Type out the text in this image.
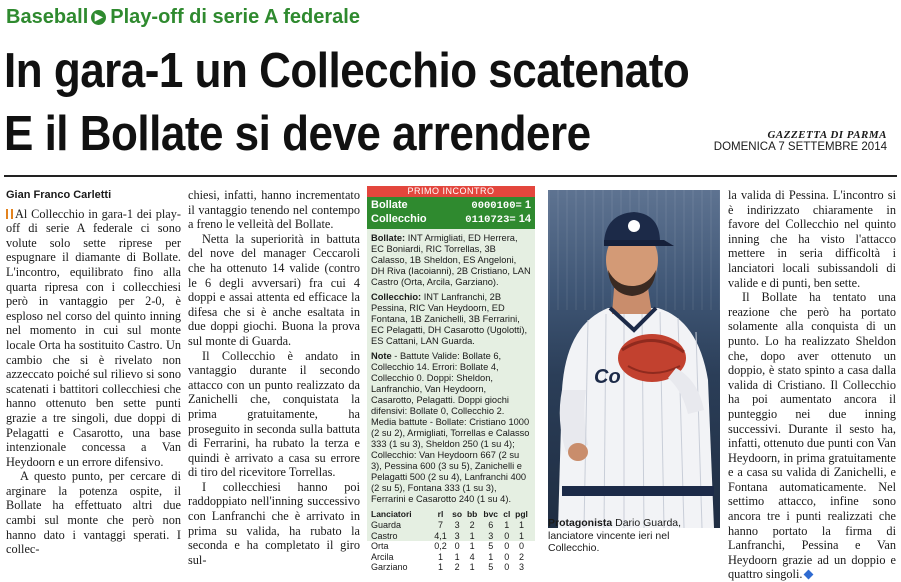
Baseball ▶ Play-off di serie A federale
In gara-1 un Collecchio scatenato
E il Bollate si deve arrendere	GAZZETTA DI PARMA
DOMENICA 7 SETTEMBRE 2014
Gian Franco Carletti

Al Collecchio in gara-1 dei play-off di serie A federale ci sono volute solo sette riprese per espugnare il diamante di Bollate. L'incontro, equilibrato fino alla quarta ripresa con i collecchiesi però in vantaggio per 2-0, è esploso nel corso del quinto inning nel momento in cui sul monte locale Orta ha sostituito Castro. Un cambio che si è rivelato non azzeccato poiché sul rilievo si sono scatenati i battitori collecchiesi che hanno ottenuto ben sette punti grazie a tre singoli, due doppi di Pelagatti e Casarotto, una base intenzionale concessa a Van Heydoorn e un errore difensivo.

A questo punto, per cercare di arginare la potenza ospite, il Bollate ha effettuato altri due cambi sul monte che però non hanno dato i vantaggi sperati. I collec-

chiesi, infatti, hanno incrementato il vantaggio tenendo nel contempo a freno le velleità del Bollate.

Netta la superiorità in battuta del nove del manager Ceccaroli che ha ottenuto 14 valide (contro le 6 degli avversari) fra cui 4 doppi e assai attenta ed efficace la difesa che si è anche esaltata in due doppi giochi. Buona la prova sul monte di Guarda.

Il Collecchio è andato in vantaggio durante il secondo attacco con un punto realizzato da Zanichelli che, conquistata la prima gratuitamente, ha proseguito in seconda sulla battuta di Ferrarini, ha rubato la terza e quindi è arrivato a casa su errore di tiro del ricevitore Torrellas.

I collecchiesi hanno poi raddoppiato nell'inning successivo con Lanfranchi che è arrivato in prima su valida, ha rubato la seconda e ha completato il giro sul-

PRIMO INCONTRO
Bollate	0000100= 1
Collecchio	0110723= 14

Bollate: INT Armigliati, ED Herrera, EC Boniardi, RIC Torrellas, 3B Calasso, 1B Sheldon, ES Angeloni, DH Riva (Iacoianni), 2B Cristiano, LAN Castro (Orta, Arcila, Garziano).

Collecchio: INT Lanfranchi, 2B Pessina, RIC Van Heydoorn, ED Fontana, 1B Zanichelli, 3B Ferrarini, EC Pelagatti, DH Casarotto (Ugolotti), ES Cattani, LAN Guarda.

Note - Battute Valide: Bollate 6, Collecchio 14. Errori: Bollate 4, Collecchio 0. Doppi: Sheldon, Lanfranchio, Van Heydoorn, Casarotto, Pelagatti. Doppi giochi difensivi: Bollate 0, Collecchio 2. Media battute - Bollate: Cristiano 1000 (2 su 2), Armigliati, Torrellas e Calasso 333 (1 su 3), Sheldon 250 (1 su 4); Collecchio: Van Heydoorn 667 (2 su 3), Pessina 600 (3 su 5), Zanichelli e Pelagatti 500 (2 su 4), Lanfranchi 400 (2 su 5), Fontana 333 (1 su 3), Ferrarini e Casarotto 240 (1 su 4).

Lanciatori	rl	so	bb	bvc	cl	pgl
Guarda	7	3	2	6	1	1
Castro	4,1	3	1	3	0	1
Orta	0,2	0	1	5	0	0
Arcila	1	1	4	1	0	2
Garziano	1	2	1	5	0	3
Co
Protagonista Dario Guarda, lanciatore vincente ieri nel Collecchio.

la valida di Pessina. L'incontro si è indirizzato chiaramente in favore del Collecchio nel quinto inning che ha visto l'attacco mettere in seria difficoltà i lanciatori locali subissandoli di valide e di punti, ben sette.

Il Bollate ha tentato una reazione che però ha portato solamente alla conquista di un punto. Lo ha realizzato Sheldon che, dopo aver ottenuto un doppio, è stato spinto a casa dalla valida di Cristiano. Il Collecchio ha poi aumentato ancora il punteggio nei due inning successivi. Durante il sesto ha, infatti, ottenuto due punti con Van Heydoorn, in prima gratuitamente e a casa su valida di Zanichelli, e Fontana automaticamente. Nel settimo attacco, infine sono ancora tre i punti realizzati che hanno portato la firma di Lanfranchi, Pessina e Van Heydoorn grazie ad un doppio e quattro singoli.
